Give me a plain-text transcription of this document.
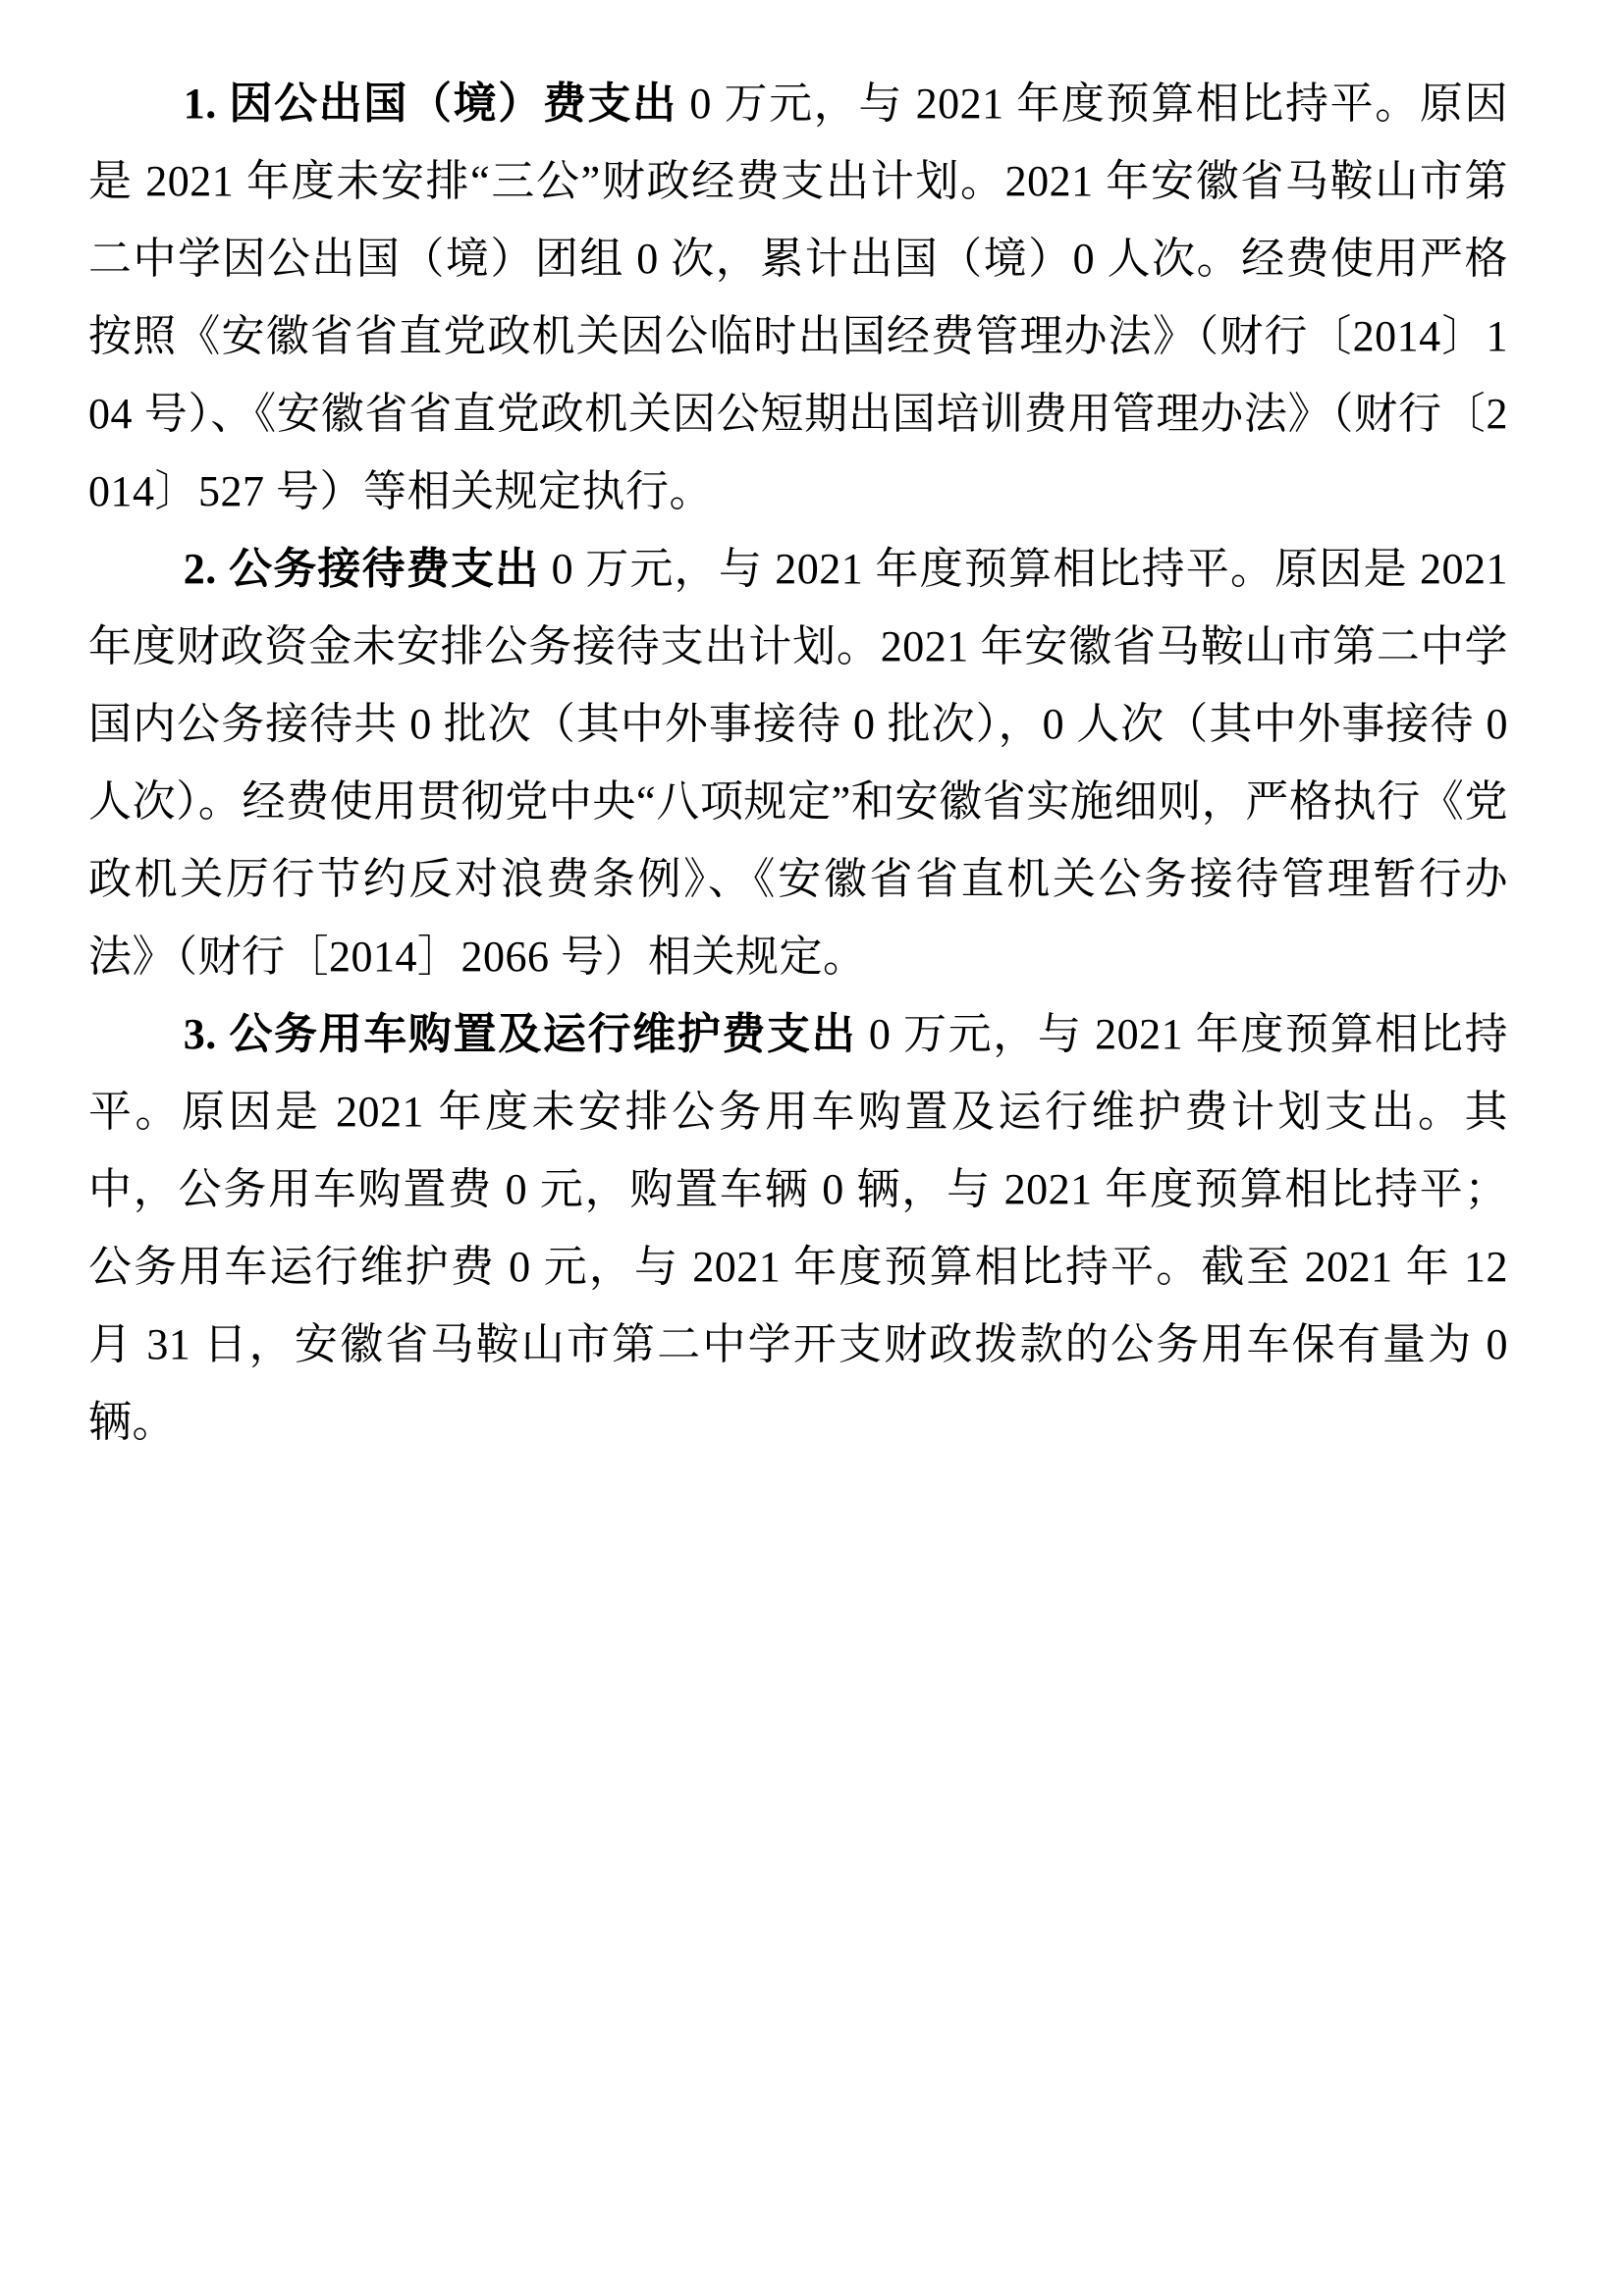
1. 因公出国（境）费支出 0 万元，与 2021 年度预算相比持平。原因是 2021 年度未安排“三公”财政经费支出计划。2021 年安徽省马鞍山市第二中学因公出国（境）团组 0 次，累计出国（境）0 人次。经费使用严格按照《安徽省省直党政机关因公临时出国经费管理办法》（财行〔2014〕104 号）、《安徽省省直党政机关因公短期出国培训费用管理办法》（财行〔2014〕527 号）等相关规定执行。

2. 公务接待费支出 0 万元，与 2021 年度预算相比持平。原因是 2021 年度财政资金未安排公务接待支出计划。2021 年安徽省马鞍山市第二中学国内公务接待共 0 批次（其中外事接待 0 批次），0 人次（其中外事接待 0 人次）。经费使用贯彻党中央“八项规定”和安徽省实施细则，严格执行《党政机关厉行节约反对浪费条例》、《安徽省省直机关公务接待管理暂行办法》（财行［2014］2066 号）相关规定。

3. 公务用车购置及运行维护费支出 0 万元，与 2021 年度预算相比持平。原因是 2021 年度未安排公务用车购置及运行维护费计划支出。其中，公务用车购置费 0 元，购置车辆 0 辆，与 2021 年度预算相比持平；公务用车运行维护费 0 元，与 2021 年度预算相比持平。截至 2021 年 12 月 31 日，安徽省马鞍山市第二中学开支财政拨款的公务用车保有量为 0 辆。
